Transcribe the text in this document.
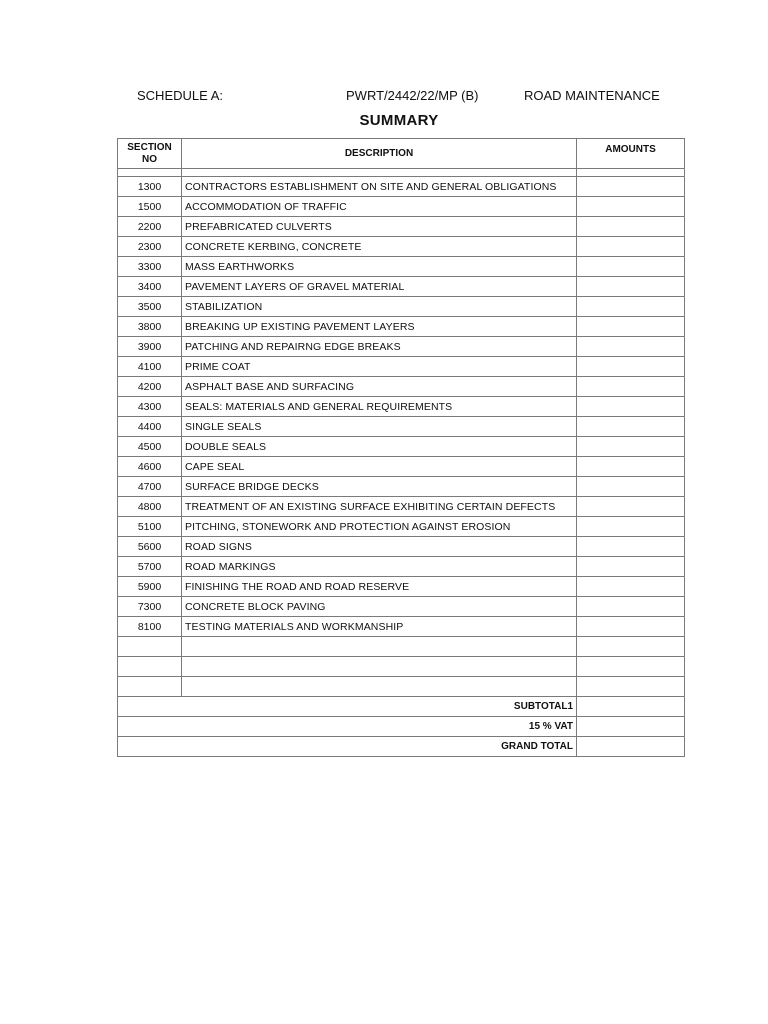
SCHEDULE A:	PWRT/2442/22/MP (B)	ROAD MAINTENANCE
SUMMARY
SECTION NO	DESCRIPTION	AMOUNTS

1300	CONTRACTORS ESTABLISHMENT ON SITE AND GENERAL OBLIGATIONS	
1500	ACCOMMODATION OF TRAFFIC	
2200	PREFABRICATED CULVERTS	
2300	CONCRETE KERBING, CONCRETE	
3300	MASS EARTHWORKS	
3400	PAVEMENT LAYERS OF GRAVEL MATERIAL	
3500	STABILIZATION	
3800	BREAKING UP EXISTING PAVEMENT LAYERS	
3900	PATCHING AND REPAIRNG EDGE BREAKS	
4100	PRIME COAT	
4200	ASPHALT BASE AND SURFACING	
4300	SEALS: MATERIALS AND GENERAL REQUIREMENTS	
4400	SINGLE SEALS	
4500	DOUBLE SEALS	
4600	CAPE SEAL	
4700	SURFACE BRIDGE DECKS	
4800	TREATMENT OF AN EXISTING SURFACE EXHIBITING CERTAIN DEFECTS	
5100	PITCHING, STONEWORK AND PROTECTION AGAINST EROSION	
5600	ROAD SIGNS	
5700	ROAD MARKINGS	
5900	FINISHING THE ROAD AND ROAD RESERVE	
7300	CONCRETE BLOCK PAVING	
8100	TESTING MATERIALS AND WORKMANSHIP	

SUBTOTAL1		
15 % VAT		
GRAND TOTAL		
